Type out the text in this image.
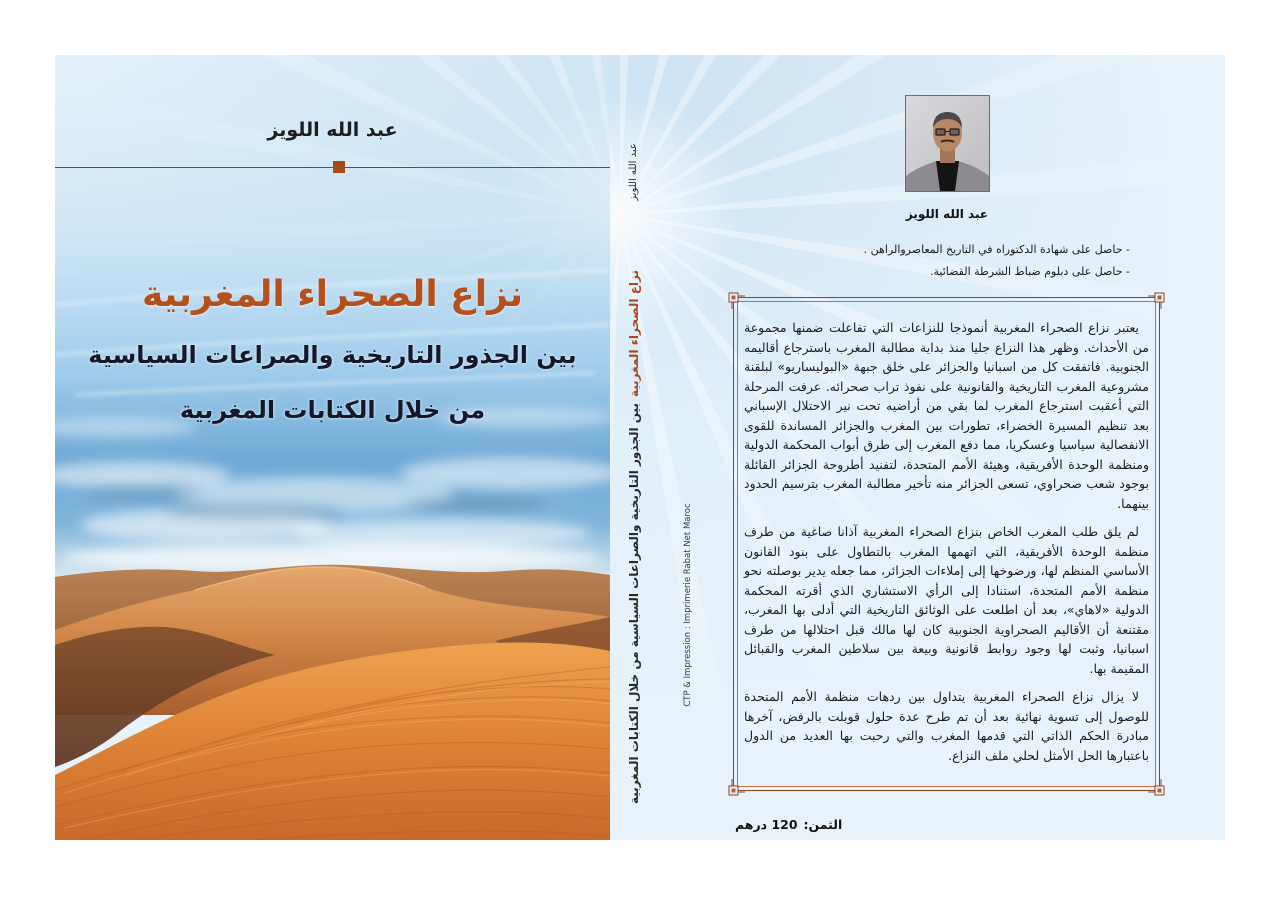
عبد الله اللويز
نزاع الصحراء المغربية
بين الجذور التاريخية والصراعات السياسية
من خلال الكتابات المغربية
عبد الله اللويز
نزاع الصحراء المغربيةبين الجذور التاريخية والصراعات السياسية من خلال الكتابات المغربية	CTP & Impression : Imprimerie Rabat Net Maroc
عبد الله اللويز
- حاصل على شهادة الدكتوراه في التاريخ المعاصروالراهن .
- حاصل على دبلوم ضباط الشرطة القضائية.

يعتبر نزاع الصحراء المغربية أنموذجا للنزاعات التي تفاعلت ضمنها مجموعة من الأحداث. وظهر هذا النزاع جليا منذ بداية مطالبة المغرب باسترجاع أقاليمه الجنوبية. فاتفقت كل من اسبانيا والجزائر على خلق جبهة «البوليساريو» لبلقنة مشروعية المغرب التاريخية والقانونية على نفوذ تراب صحرائه. عرفت المرحلة التي أعقبت استرجاع المغرب لما بقي من أراضيه تحت نير الاحتلال الإسباني بعد تنظيم المسيرة الخضراء، تطورات بين المغرب والجزائر المساندة للقوى الانفصالية سياسيا وعسكريا، مما دفع المغرب إلى طرق أبواب المحكمة الدولية ومنظمة الوحدة الأفريقية، وهيئة الأمم المتحدة، لتفنيد أطروحة الجزائر القائلة بوجود شعب صحراوي، تسعى الجزائر منه تأخير مطالبة المغرب بترسيم الحدود بينهما.

لم يلق طلب المغرب الخاص بنزاع الصحراء المغربية آذانا صاغية من طرف منظمة الوحدة الأفريقية، التي اتهمها المغرب بالتطاول على بنود القانون الأساسي المنظم لها، ورضوخها إلى إملاءات الجزائر، مما جعله يدير بوصلته نحو منظمة الأمم المتحدة، استنادا إلى الرأي الاستشاري الذي أقرته المحكمة الدولية «لاهاي»، بعد أن اطلعت على الوثائق التاريخية التي أدلى بها المغرب، مقتنعة أن الأقاليم الصحراوية الجنوبية كان لها مالك قبل احتلالها من طرف اسبانيا، وثبت لها وجود روابط قانونية وبيعة بين سلاطين المغرب والقبائل المقيمة بها.

لا يزال نزاع الصحراء المغربية يتداول بين ردهات منظمة الأمم المتحدة للوصول إلى تسوية نهائية بعد أن تم طرح عدة حلول قوبلت بالرفض، آخرها مبادرة الحكم الذاتي التي قدمها المغرب والتي رحبت بها العديد من الدول باعتبارها الحل الأمثل لحلي ملف النزاع.

الثمن:120 درهم
